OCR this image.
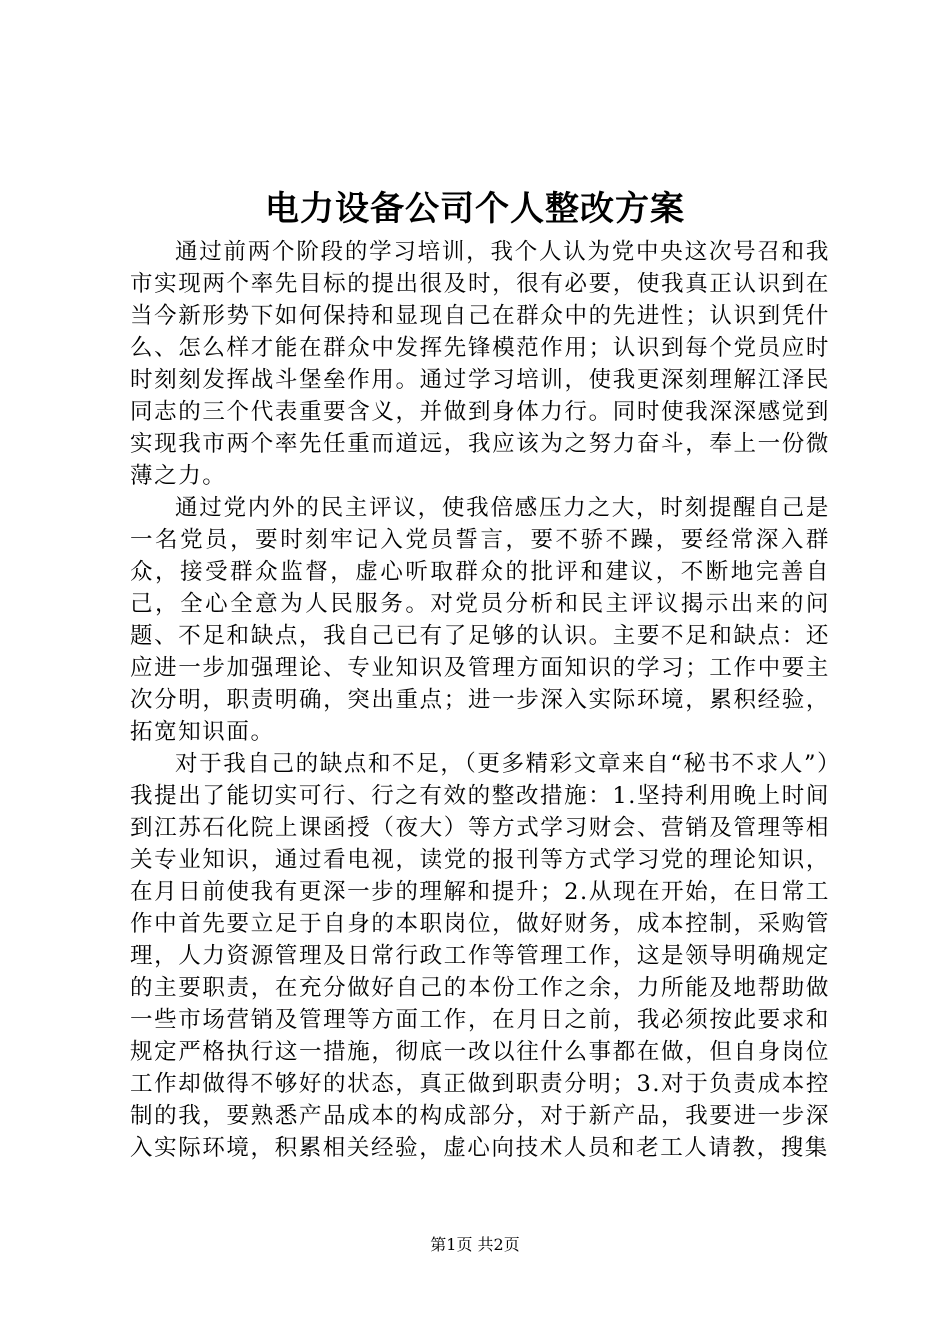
电力设备公司个人整改方案

通过前两个阶段的学习培训，我个人认为党中央这次号召和我市实现两个率先目标的提出很及时，很有必要，使我真正认识到在当今新形势下如何保持和显现自己在群众中的先进性；认识到凭什么、怎么样才能在群众中发挥先锋模范作用；认识到每个党员应时时刻刻发挥战斗堡垒作用。通过学习培训，使我更深刻理解江泽民同志的三个代表重要含义，并做到身体力行。同时使我深深感觉到实现我市两个率先任重而道远，我应该为之努力奋斗，奉上一份微薄之力。

通过党内外的民主评议，使我倍感压力之大，时刻提醒自己是一名党员，要时刻牢记入党员誓言，要不骄不躁，要经常深入群众，接受群众监督，虚心听取群众的批评和建议，不断地完善自己，全心全意为人民服务。对党员分析和民主评议揭示出来的问题、不足和缺点，我自己已有了足够的认识。主要不足和缺点：还应进一步加强理论、专业知识及管理方面知识的学习；工作中要主次分明，职责明确，突出重点；进一步深入实际环境，累积经验，拓宽知识面。

对于我自己的缺点和不足，（更多精彩文章来自“秘书不求人”）我提出了能切实可行、行之有效的整改措施：1.坚持利用晚上时间到江苏石化院上课函授（夜大）等方式学习财会、营销及管理等相关专业知识，通过看电视，读党的报刊等方式学习党的理论知识，在月日前使我有更深一步的理解和提升；2.从现在开始，在日常工作中首先要立足于自身的本职岗位，做好财务，成本控制，采购管理，人力资源管理及日常行政工作等管理工作，这是领导明确规定的主要职责，在充分做好自己的本份工作之余，力所能及地帮助做一些市场营销及管理等方面工作，在月日之前，我必须按此要求和规定严格执行这一措施，彻底一改以往什么事都在做，但自身岗位工作却做得不够好的状态，真正做到职责分明；3.对于负责成本控制的我，要熟悉产品成本的构成部分，对于新产品，我要进一步深入实际环境，积累相关经验，虚心向技术人员和老工人请教，搜集

第1页 共2页
